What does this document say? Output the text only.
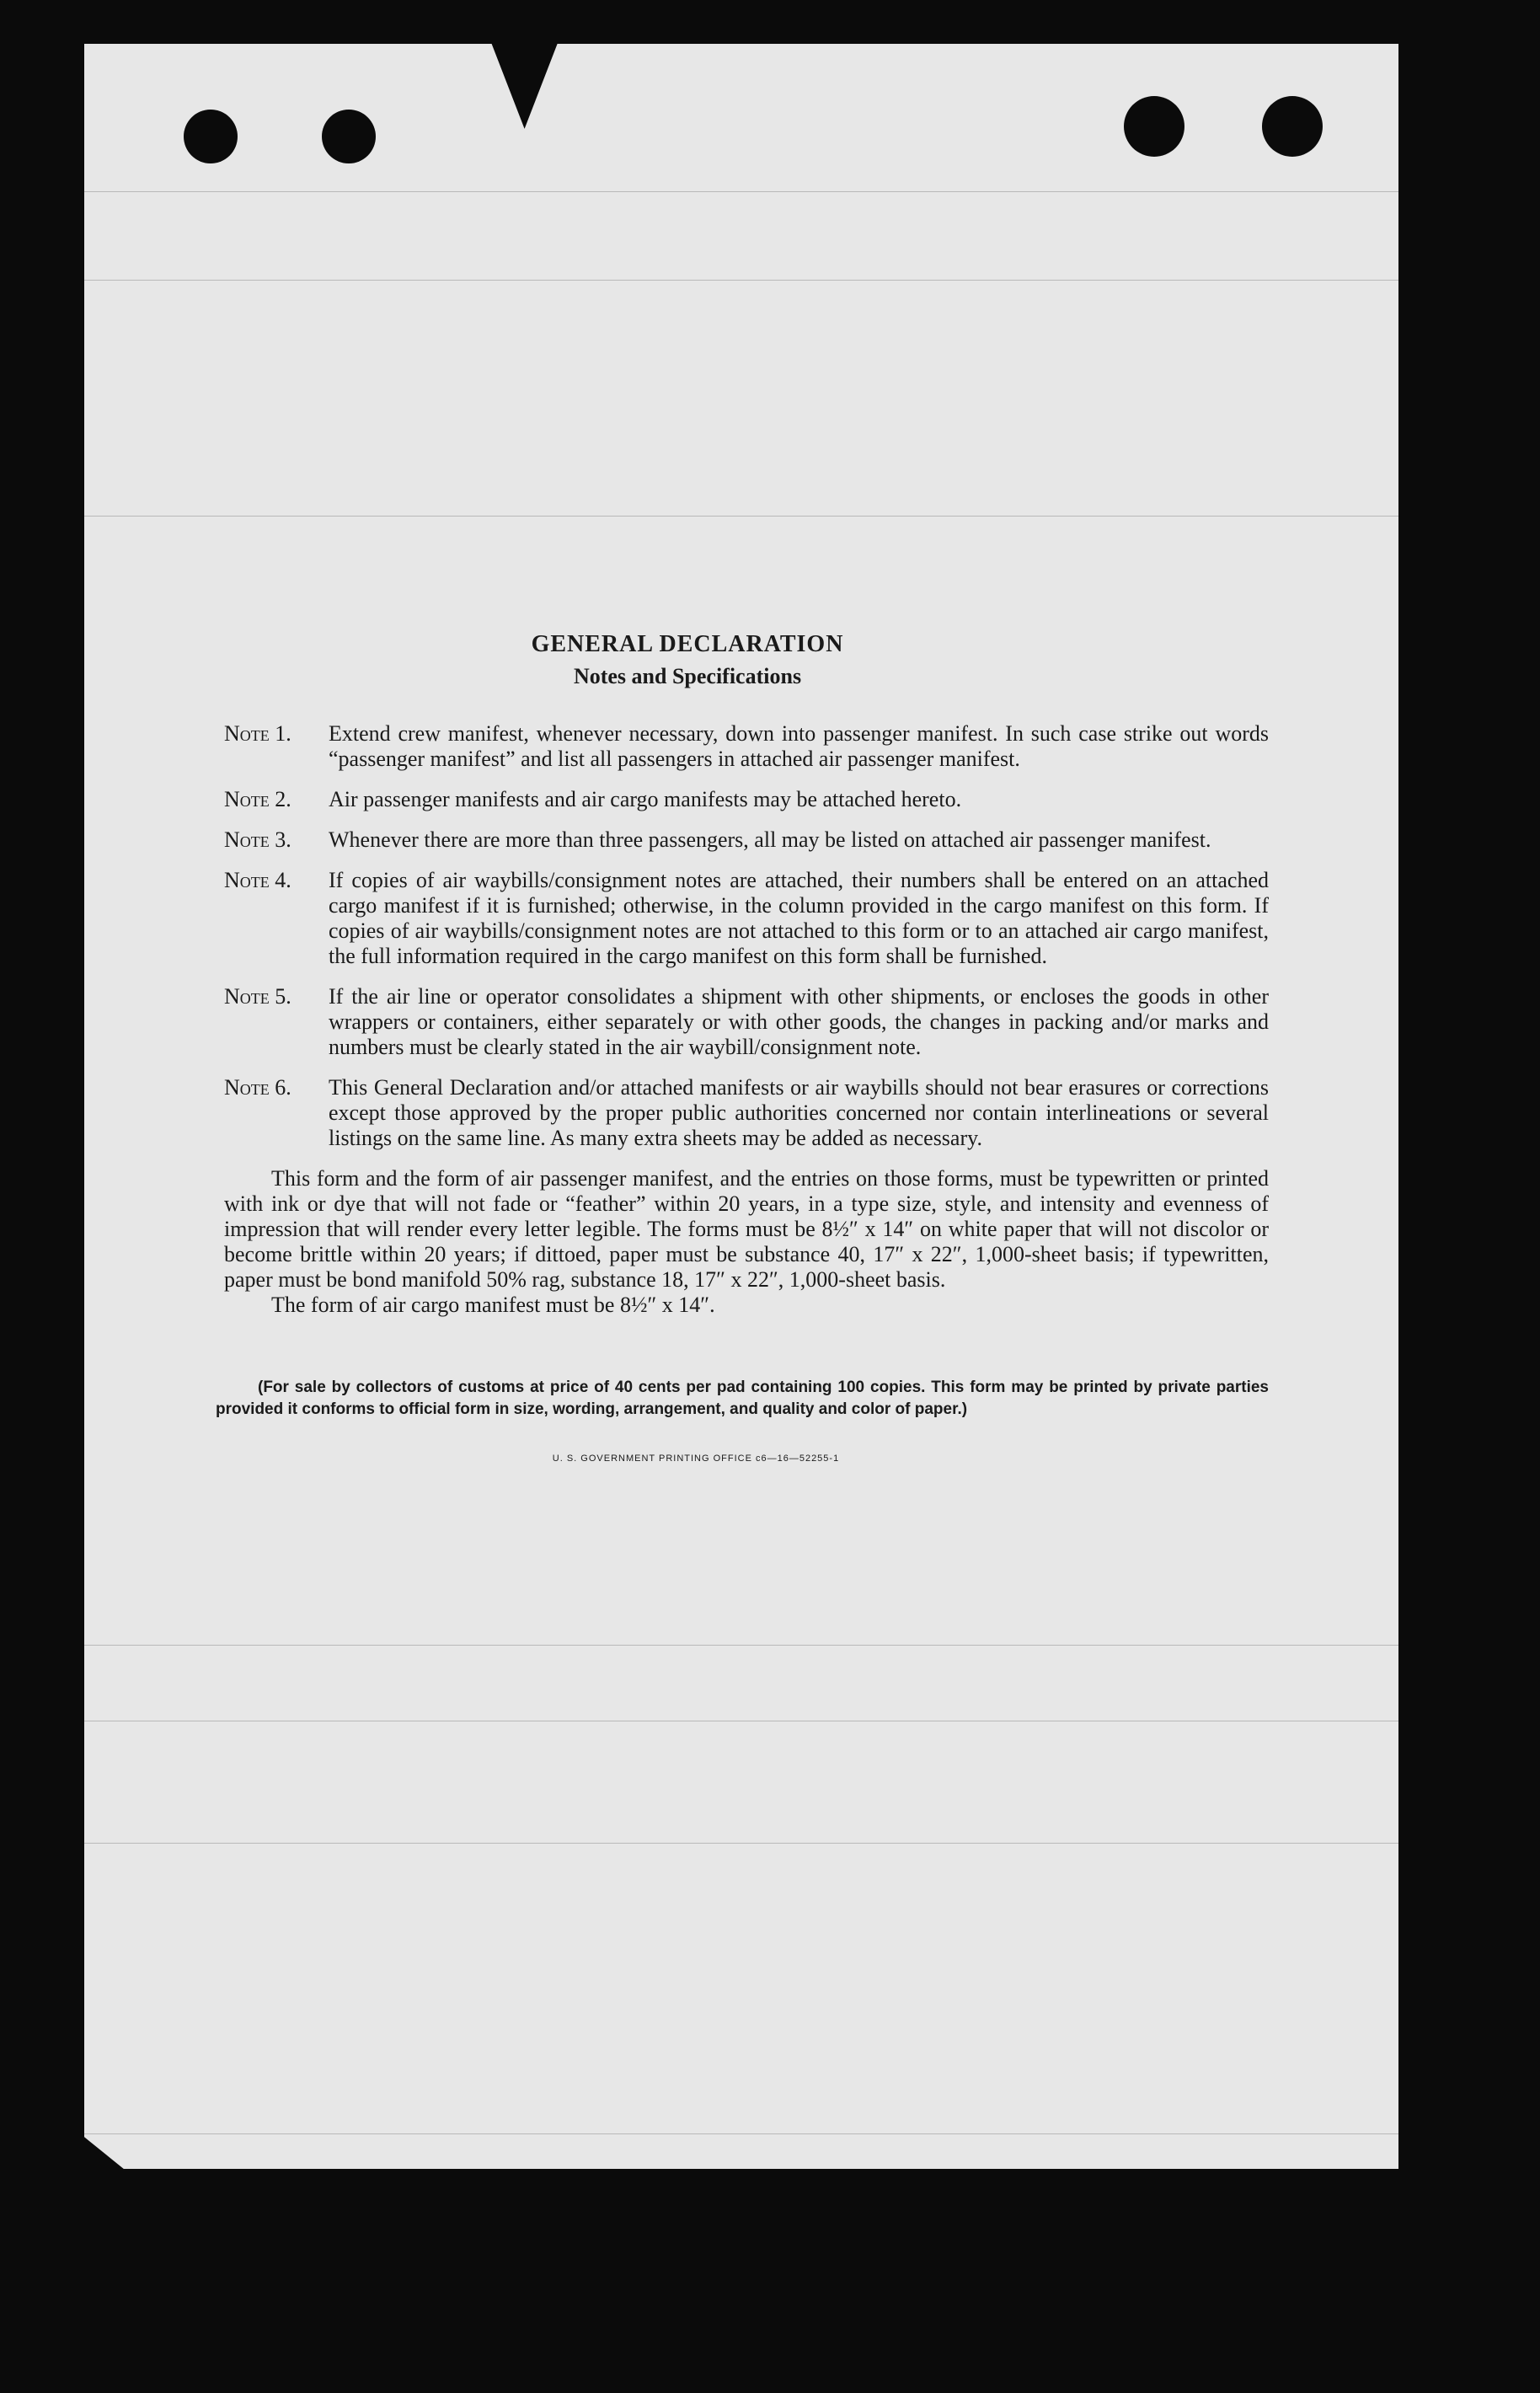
GENERAL DECLARATION
Notes and Specifications
Note 1. Extend crew manifest, whenever necessary, down into passenger manifest. In such case strike out words “passenger manifest” and list all passengers in attached air passenger manifest.
Note 2. Air passenger manifests and air cargo manifests may be attached hereto.
Note 3. Whenever there are more than three passengers, all may be listed on attached air passenger manifest.
Note 4. If copies of air waybills/consignment notes are attached, their numbers shall be entered on an attached cargo manifest if it is furnished; otherwise, in the column provided in the cargo manifest on this form. If copies of air waybills/consignment notes are not attached to this form or to an attached air cargo manifest, the full information required in the cargo manifest on this form shall be furnished.
Note 5. If the air line or operator consolidates a shipment with other shipments, or encloses the goods in other wrappers or containers, either separately or with other goods, the changes in packing and/or marks and numbers must be clearly stated in the air waybill/consignment note.
Note 6. This General Declaration and/or attached manifests or air waybills should not bear erasures or corrections except those approved by the proper public authorities concerned nor contain interlineations or several listings on the same line. As many extra sheets may be added as necessary.
This form and the form of air passenger manifest, and the entries on those forms, must be typewritten or printed with ink or dye that will not fade or “feather” within 20 years, in a type size, style, and intensity and evenness of impression that will render every letter legible. The forms must be 8½″ x 14″ on white paper that will not discolor or become brittle within 20 years; if dittoed, paper must be substance 40, 17″ x 22″, 1,000-sheet basis; if typewritten, paper must be bond manifold 50% rag, substance 18, 17″ x 22″, 1,000-sheet basis.
The form of air cargo manifest must be 8½″ x 14″.
(For sale by collectors of customs at price of 40 cents per pad containing 100 copies. This form may be printed by private parties provided it conforms to official form in size, wording, arrangement, and quality and color of paper.)
U. S. GOVERNMENT PRINTING OFFICE c6—16—52255-1
